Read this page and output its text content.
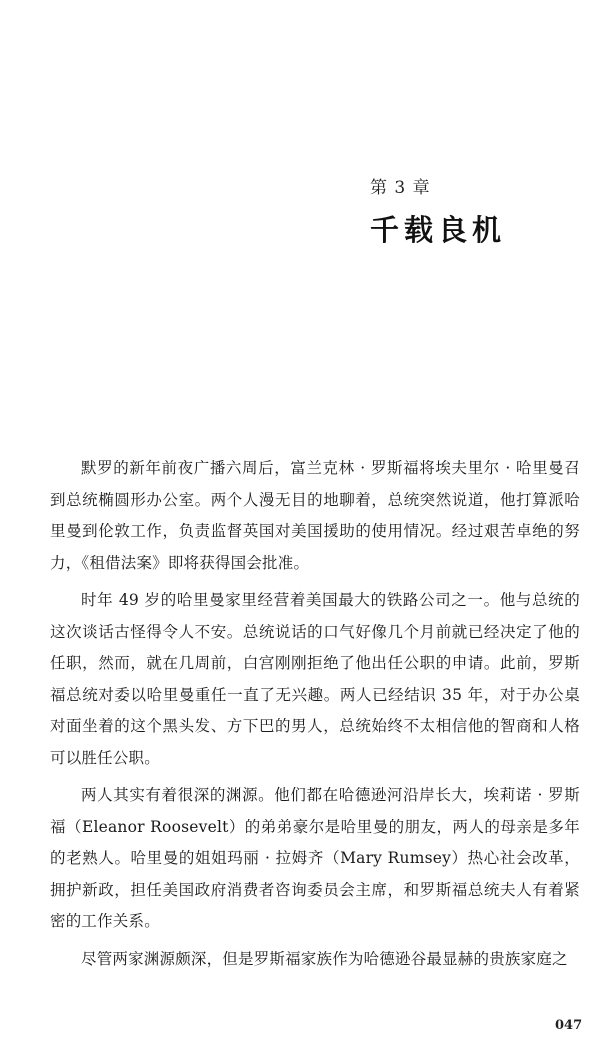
第 3 章
千载良机

默罗的新年前夜广播六周后，富兰克林 · 罗斯福将埃夫里尔 · 哈里曼召到总统椭圆形办公室。两个人漫无目的地聊着，总统突然说道，他打算派哈里曼到伦敦工作，负责监督英国对美国援助的使用情况。经过艰苦卓绝的努力，《租借法案》即将获得国会批准。

时年 49 岁的哈里曼家里经营着美国最大的铁路公司之一。他与总统的这次谈话古怪得令人不安。总统说话的口气好像几个月前就已经决定了他的任职，然而，就在几周前，白宫刚刚拒绝了他出任公职的申请。此前，罗斯福总统对委以哈里曼重任一直了无兴趣。两人已经结识 35 年，对于办公桌对面坐着的这个黑头发、方下巴的男人，总统始终不太相信他的智商和人格可以胜任公职。

两人其实有着很深的渊源。他们都在哈德逊河沿岸长大，埃莉诺 · 罗斯福（Eleanor Roosevelt）的弟弟豪尔是哈里曼的朋友，两人的母亲是多年的老熟人。哈里曼的姐姐玛丽 · 拉姆齐（Mary Rumsey）热心社会改革，拥护新政，担任美国政府消费者咨询委员会主席，和罗斯福总统夫人有着紧密的工作关系。

尽管两家渊源颇深，但是罗斯福家族作为哈德逊谷最显赫的贵族家庭之

047
